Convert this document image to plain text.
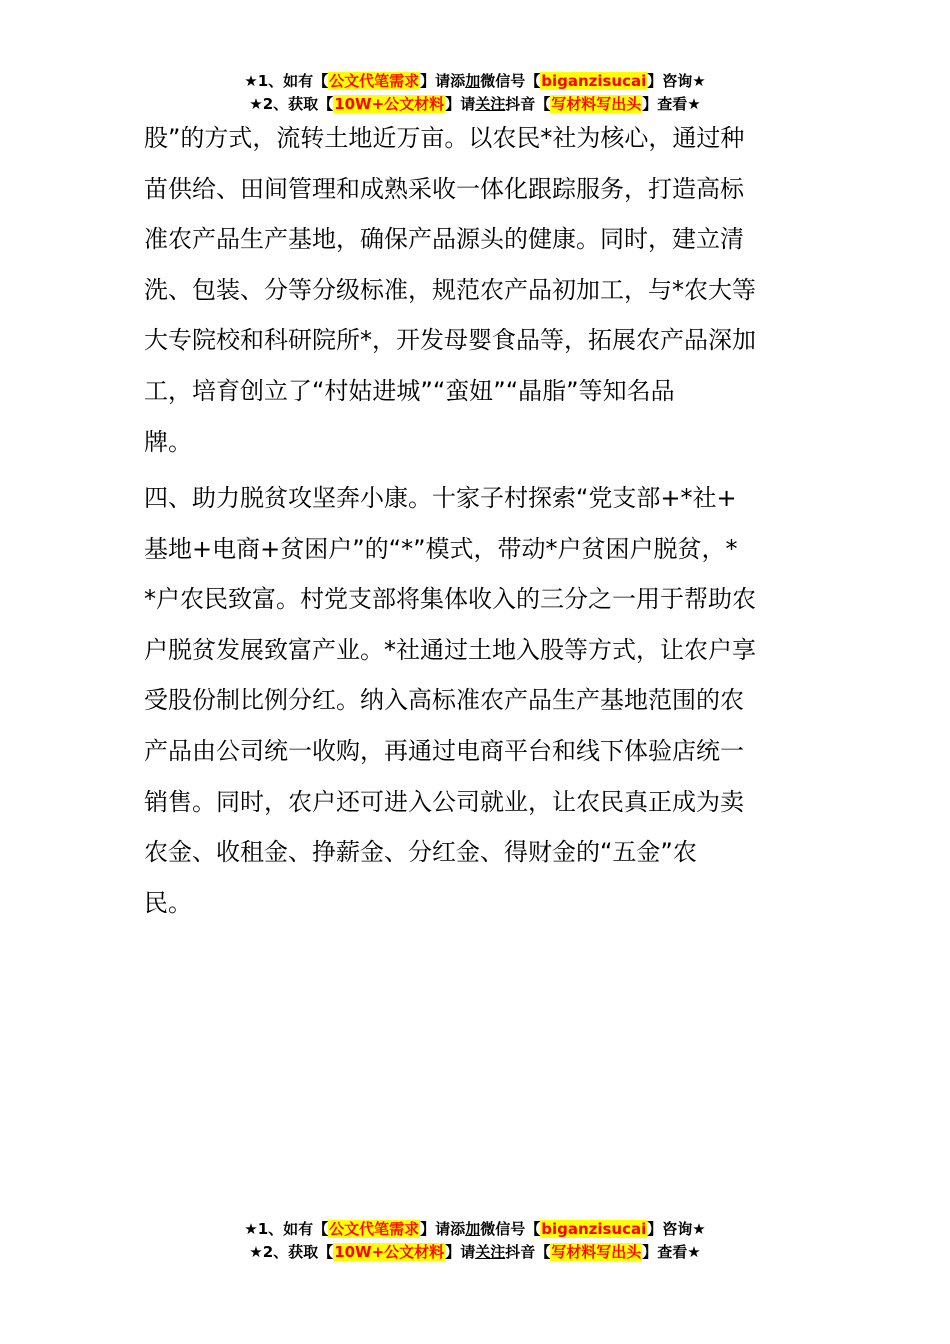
★1、如有【公文代笔需求】请添加微信号【biganzisucai】咨询★
★2、获取【10W+公文材料】请关注抖音【写材料写出头】查看★
股”的方式，流转土地近万亩。以农民*社为核心，通过种
苗供给、田间管理和成熟采收一体化跟踪服务，打造高标
准农产品生产基地，确保产品源头的健康。同时，建立清
洗、包装、分等分级标准，规范农产品初加工，与*农大等
大专院校和科研院所*，开发母婴食品等，拓展农产品深加
工，培育创立了“村姑进城”“蛮妞”“晶脂”等知名品
牌。
四、助力脱贫攻坚奔小康。十家子村探索“党支部+*社+
基地+电商+贫困户”的“*”模式，带动*户贫困户脱贫，*
*户农民致富。村党支部将集体收入的三分之一用于帮助农
户脱贫发展致富产业。*社通过土地入股等方式，让农户享
受股份制比例分红。纳入高标准农产品生产基地范围的农
产品由公司统一收购，再通过电商平台和线下体验店统一
销售。同时，农户还可进入公司就业，让农民真正成为卖
农金、收租金、挣薪金、分红金、得财金的“五金”农
民。
★1、如有【公文代笔需求】请添加微信号【biganzisucai】咨询★
★2、获取【10W+公文材料】请关注抖音【写材料写出头】查看★
